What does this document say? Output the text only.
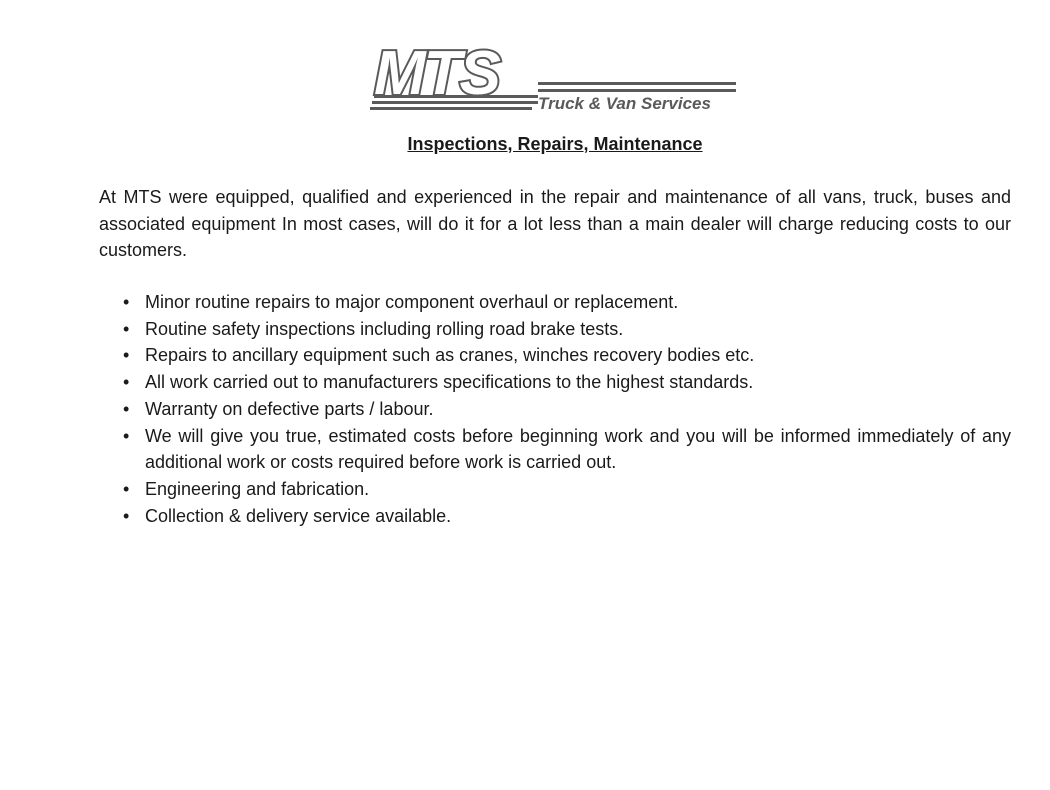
MTS Truck & Van Services
Inspections, Repairs, Maintenance

At MTS were equipped, qualified and experienced in the repair and maintenance of all vans, truck, buses and associated equipment In most cases, will do it for a lot less than a main dealer will charge reducing costs to our customers.

• Minor routine repairs to major component overhaul or replacement.
• Routine safety inspections including rolling road brake tests.
• Repairs to ancillary equipment such as cranes, winches recovery bodies etc.
• All work carried out to manufacturers specifications to the highest standards.
• Warranty on defective parts / labour.
• We will give you true, estimated costs before beginning work and you will be informed immediately of any additional work or costs required before work is carried out.
• Engineering and fabrication.
• Collection & delivery service available.
